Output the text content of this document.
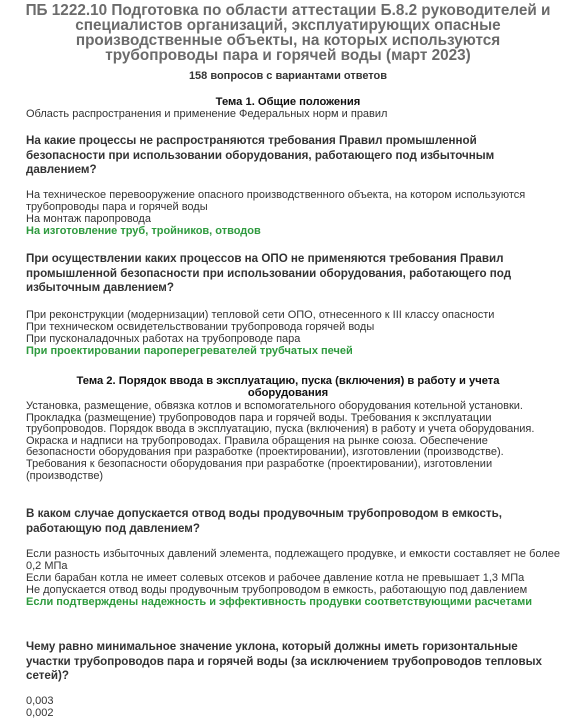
ПБ 1222.10 Подготовка по области аттестации Б.8.2 руководителей и специалистов организаций, эксплуатирующих опасные производственные объекты, на которых используются трубопроводы пара и горячей воды (март 2023)
158 вопросов с вариантами ответов
Тема 1. Общие положения
Область распространения и применение Федеральных норм и правил

На какие процессы не распространяются требования Правил промышленной безопасности при использовании оборудования, работающего под избыточным давлением?

На техническое перевооружение опасного производственного объекта, на котором используются трубопроводы пара и горячей воды
На монтаж паропровода
На изготовление труб, тройников, отводов

При осуществлении каких процессов на ОПО не применяются требования Правил промышленной безопасности при использовании оборудования, работающего под избыточным давлением?

При реконструкции (модернизации) тепловой сети ОПО, отнесенного к III классу опасности
При техническом освидетельствовании трубопровода горячей воды
При пусконаладочных работах на трубопроводе пара
При проектировании пароперегревателей трубчатых печей
Тема 2. Порядок ввода в эксплуатацию, пуска (включения) в работу и учета оборудования
Установка, размещение, обвязка котлов и вспомогательного оборудования котельной установки. Прокладка (размещение) трубопроводов пара и горячей воды. Требования к эксплуатации трубопроводов. Порядок ввода в эксплуатацию, пуска (включения) в работу и учета оборудования. Окраска и надписи на трубопроводах. Правила обращения на рынке союза. Обеспечение безопасности оборудования при разработке (проектировании), изготовлении (производстве). Требования к безопасности оборудования при разработке (проектировании), изготовлении (производстве)

В каком случае допускается отвод воды продувочным трубопроводом в емкость, работающую под давлением?

Если разность избыточных давлений элемента, подлежащего продувке, и емкости составляет не более 0,2 МПа
Если барабан котла не имеет солевых отсеков и рабочее давление котла не превышает 1,3 МПа
Не допускается отвод воды продувочным трубопроводом в емкость, работающую под давлением
Если подтверждены надежность и эффективность продувки соответствующими расчетами

Чему равно минимальное значение уклона, который должны иметь горизонтальные участки трубопроводов пара и горячей воды (за исключением трубопроводов тепловых сетей)?

0,003
0,002
